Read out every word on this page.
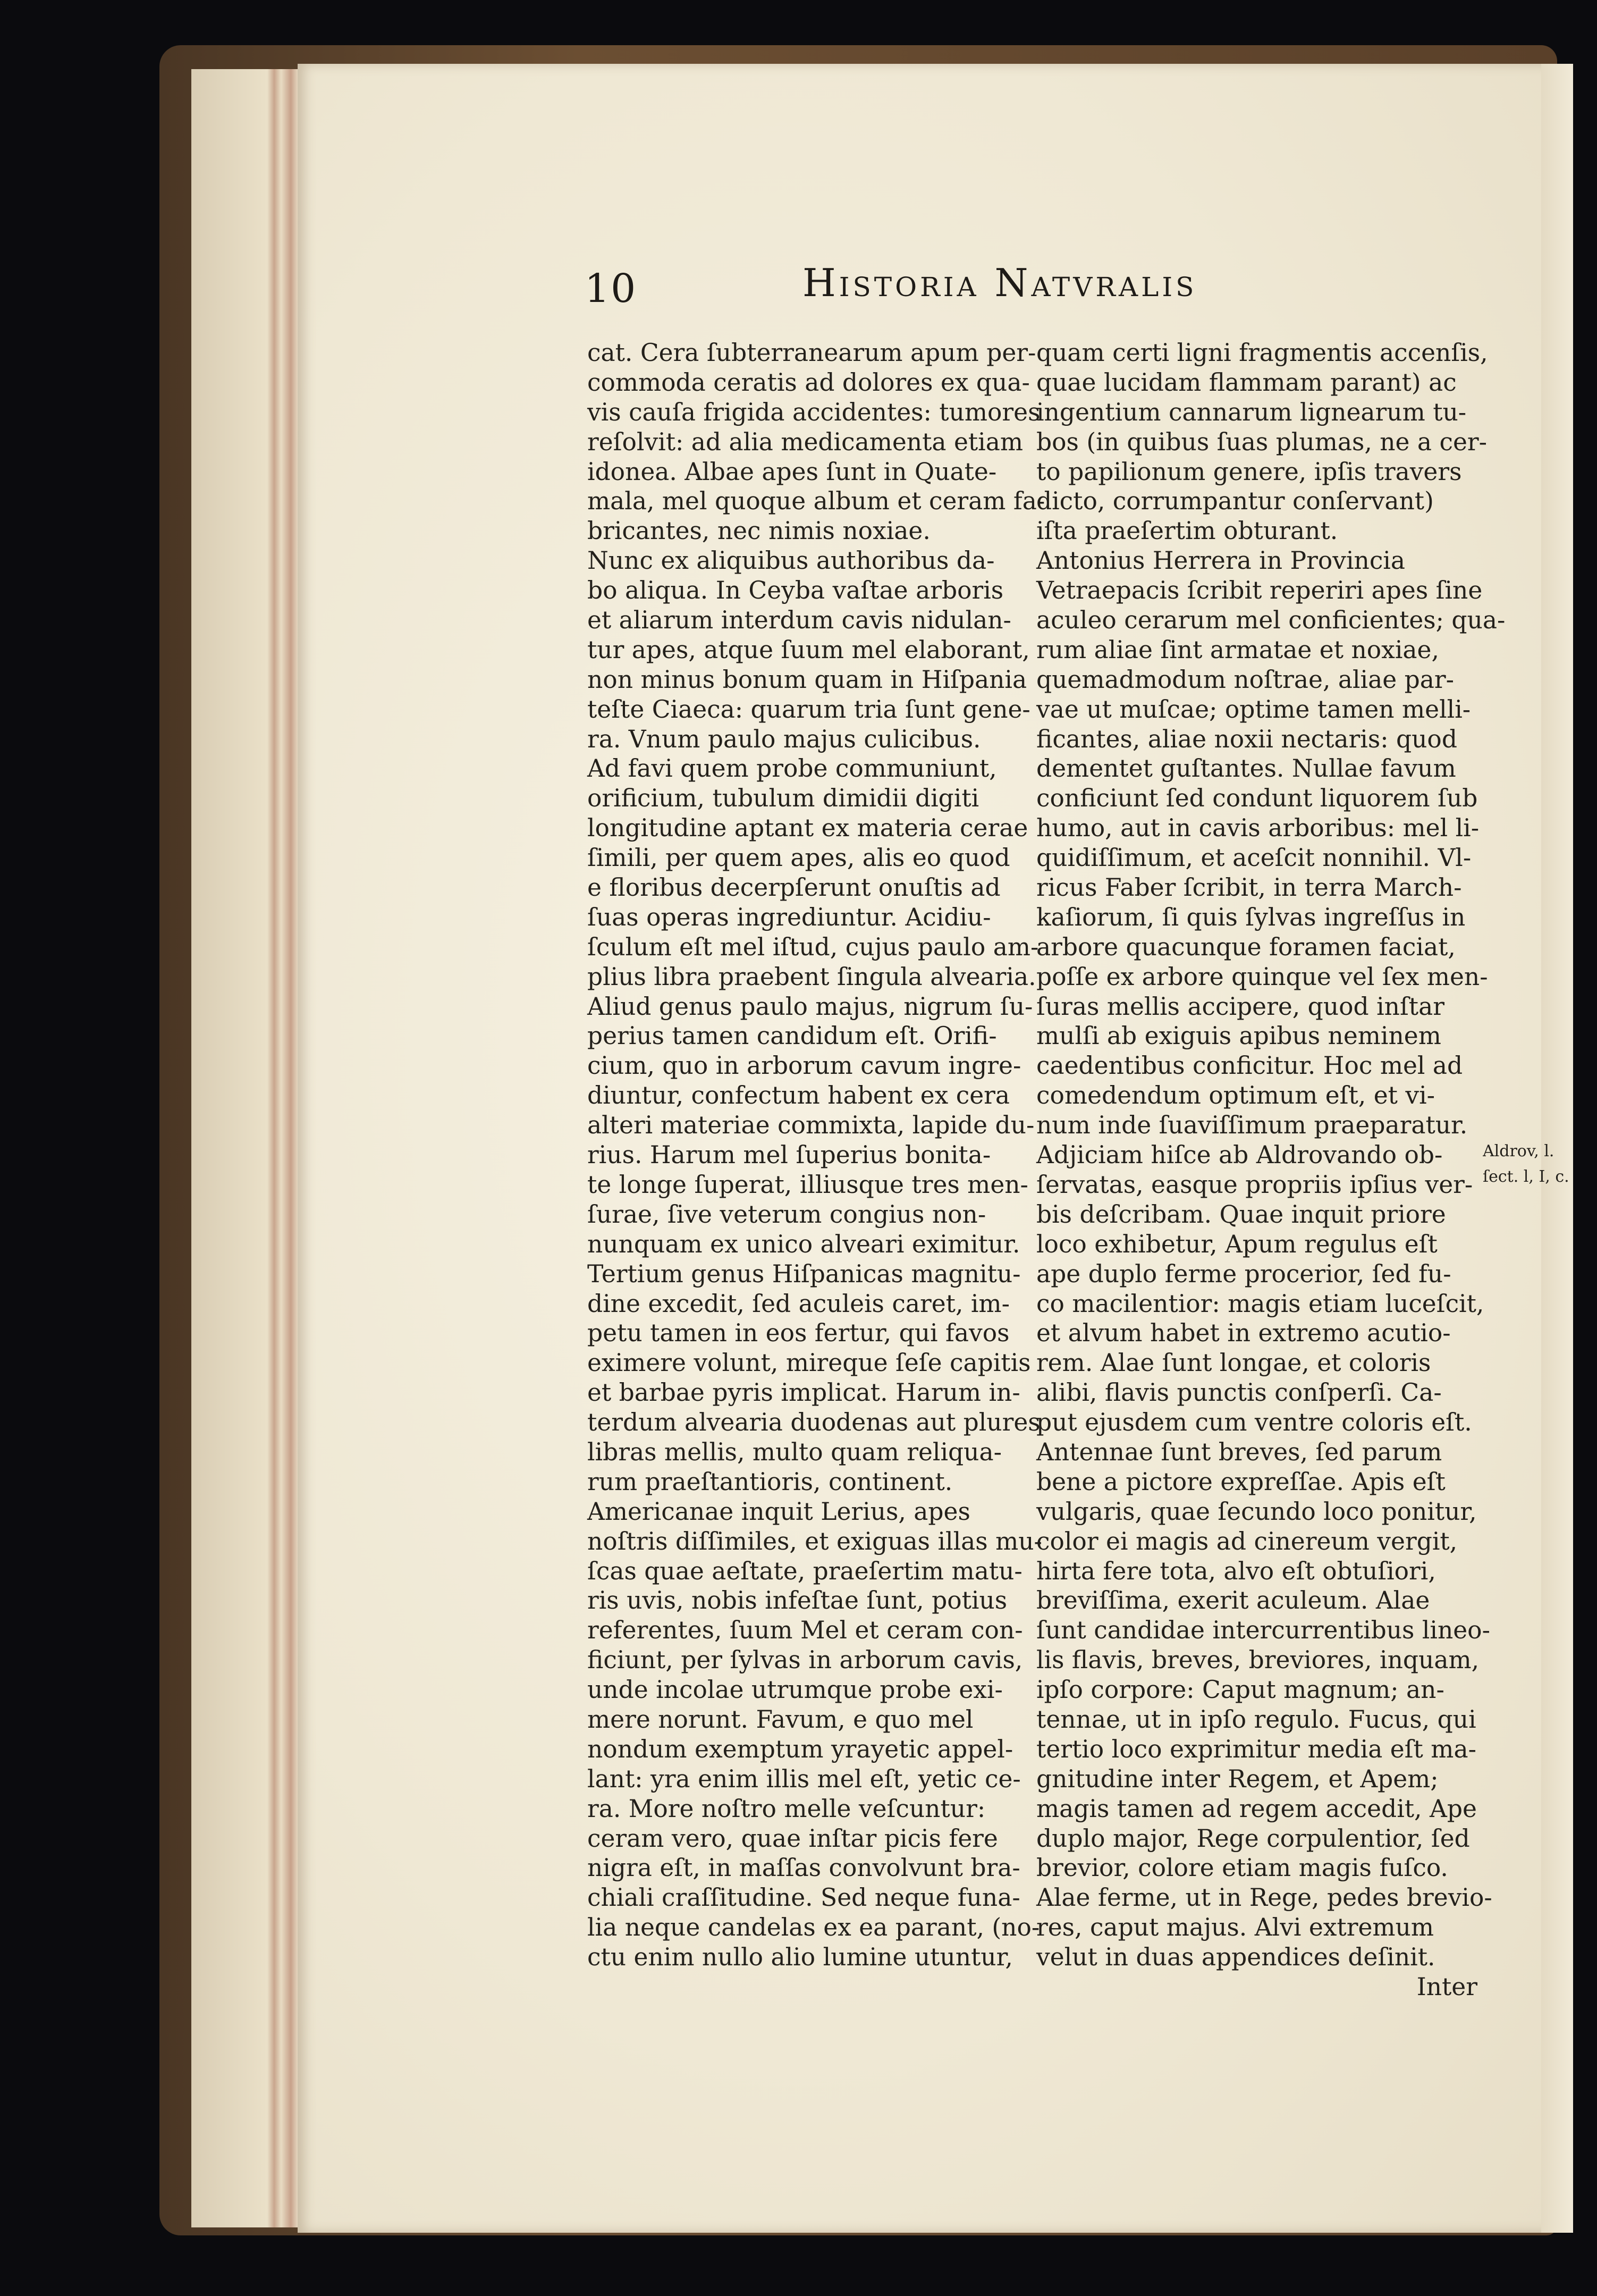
10	Historia Natvralis
cat. Cera ſubterranearum apum per-
commoda ceratis ad dolores ex qua-
vis cauſa frigida accidentes: tumores
reſolvit: ad alia medicamenta etiam
idonea. Albae apes ſunt in Quate-
mala, mel quoque album et ceram fa-
bricantes, nec nimis noxiae.
Nunc ex aliquibus authoribus da-
bo aliqua. In Ceyba vaſtae arboris
et aliarum interdum cavis nidulan-
tur apes, atque ſuum mel elaborant,
non minus bonum quam in Hiſpania
teſte Ciaeca: quarum tria ſunt gene-
ra. Vnum paulo majus culicibus.
Ad favi quem probe communiunt,
orificium, tubulum dimidii digiti
longitudine aptant ex materia cerae
ſimili, per quem apes, alis eo quod
e floribus decerpſerunt onuſtis ad
ſuas operas ingrediuntur. Acidiu-
ſculum eſt mel iſtud, cujus paulo am-
plius libra praebent ſingula alvearia.
Aliud genus paulo majus, nigrum ſu-
perius tamen candidum eſt. Orifi-
cium, quo in arborum cavum ingre-
diuntur, confectum habent ex cera
alteri materiae commixta, lapide du-
rius. Harum mel ſuperius bonita-
te longe ſuperat, illiusque tres men-
ſurae, ſive veterum congius non-
nunquam ex unico alveari eximitur.
Tertium genus Hiſpanicas magnitu-
dine excedit, ſed aculeis caret, im-
petu tamen in eos fertur, qui favos
eximere volunt, mireque ſeſe capitis
et barbae pyris implicat. Harum in-
terdum alvearia duodenas aut plures
libras mellis, multo quam reliqua-
rum praeſtantioris, continent.
Americanae inquit Lerius, apes
noſtris diſſimiles, et exiguas illas mu-
ſcas quae aeſtate, praeſertim matu-
ris uvis, nobis infeſtae ſunt, potius
referentes, ſuum Mel et ceram con-
ficiunt, per ſylvas in arborum cavis,
unde incolae utrumque probe exi-
mere norunt. Favum, e quo mel
nondum exemptum yrayetic appel-
lant: yra enim illis mel eſt, yetic ce-
ra. More noſtro melle veſcuntur:
ceram vero, quae inſtar picis fere
nigra eſt, in maſſas convolvunt bra-
chiali craſſitudine. Sed neque funa-
lia neque candelas ex ea parant, (no-
ctu enim nullo alio lumine utuntur,
quam certi ligni fragmentis accenſis,
quae lucidam flammam parant) ac
ingentium cannarum lignearum tu-
bos (in quibus ſuas plumas, ne a cer-
to papilionum genere, ipſis travers
dicto, corrumpantur conſervant)
iſta praeſertim obturant.
Antonius Herrera in Provincia
Vetraepacis ſcribit reperiri apes ſine
aculeo cerarum mel conficientes; qua-
rum aliae ſint armatae et noxiae,
quemadmodum noſtrae, aliae par-
vae ut muſcae; optime tamen melli-
ficantes, aliae noxii nectaris: quod
dementet guſtantes. Nullae favum
conficiunt ſed condunt liquorem ſub
humo, aut in cavis arboribus: mel li-
quidiſſimum, et aceſcit nonnihil. Vl-
ricus Faber ſcribit, in terra March-
kaſiorum, ſi quis ſylvas ingreſſus in
arbore quacunque foramen faciat,
poſſe ex arbore quinque vel ſex men-
ſuras mellis accipere, quod inſtar
mulſi ab exiguis apibus neminem
caedentibus conficitur. Hoc mel ad
comedendum optimum eſt, et vi-
num inde ſuaviſſimum praeparatur.
Adjiciam hiſce ab Aldrovando ob-
ſervatas, easque propriis ipſius ver-
bis deſcribam. Quae inquit priore
loco exhibetur, Apum regulus eſt
ape duplo ferme procerior, ſed fu-
co macilentior: magis etiam luceſcit,
et alvum habet in extremo acutio-
rem. Alae ſunt longae, et coloris
alibi, flavis punctis conſperſi. Ca-
put ejusdem cum ventre coloris eſt.
Antennae ſunt breves, ſed parum
bene a pictore expreſſae. Apis eſt
vulgaris, quae ſecundo loco ponitur,
color ei magis ad cinereum vergit,
hirta fere tota, alvo eſt obtuſiori,
breviſſima, exerit aculeum. Alae
ſunt candidae intercurrentibus lineo-
lis flavis, breves, breviores, inquam,
ipſo corpore: Caput magnum; an-
tennae, ut in ipſo regulo. Fucus, qui
tertio loco exprimitur media eſt ma-
gnitudine inter Regem, et Apem;
magis tamen ad regem accedit, Ape
duplo major, Rege corpulentior, ſed
brevior, colore etiam magis fuſco.
Alae ferme, ut in Rege, pedes brevio-
res, caput majus. Alvi extremum
velut in duas appendices deſinit.
Inter
Aldrov, l.
ſect. l, I, c.
